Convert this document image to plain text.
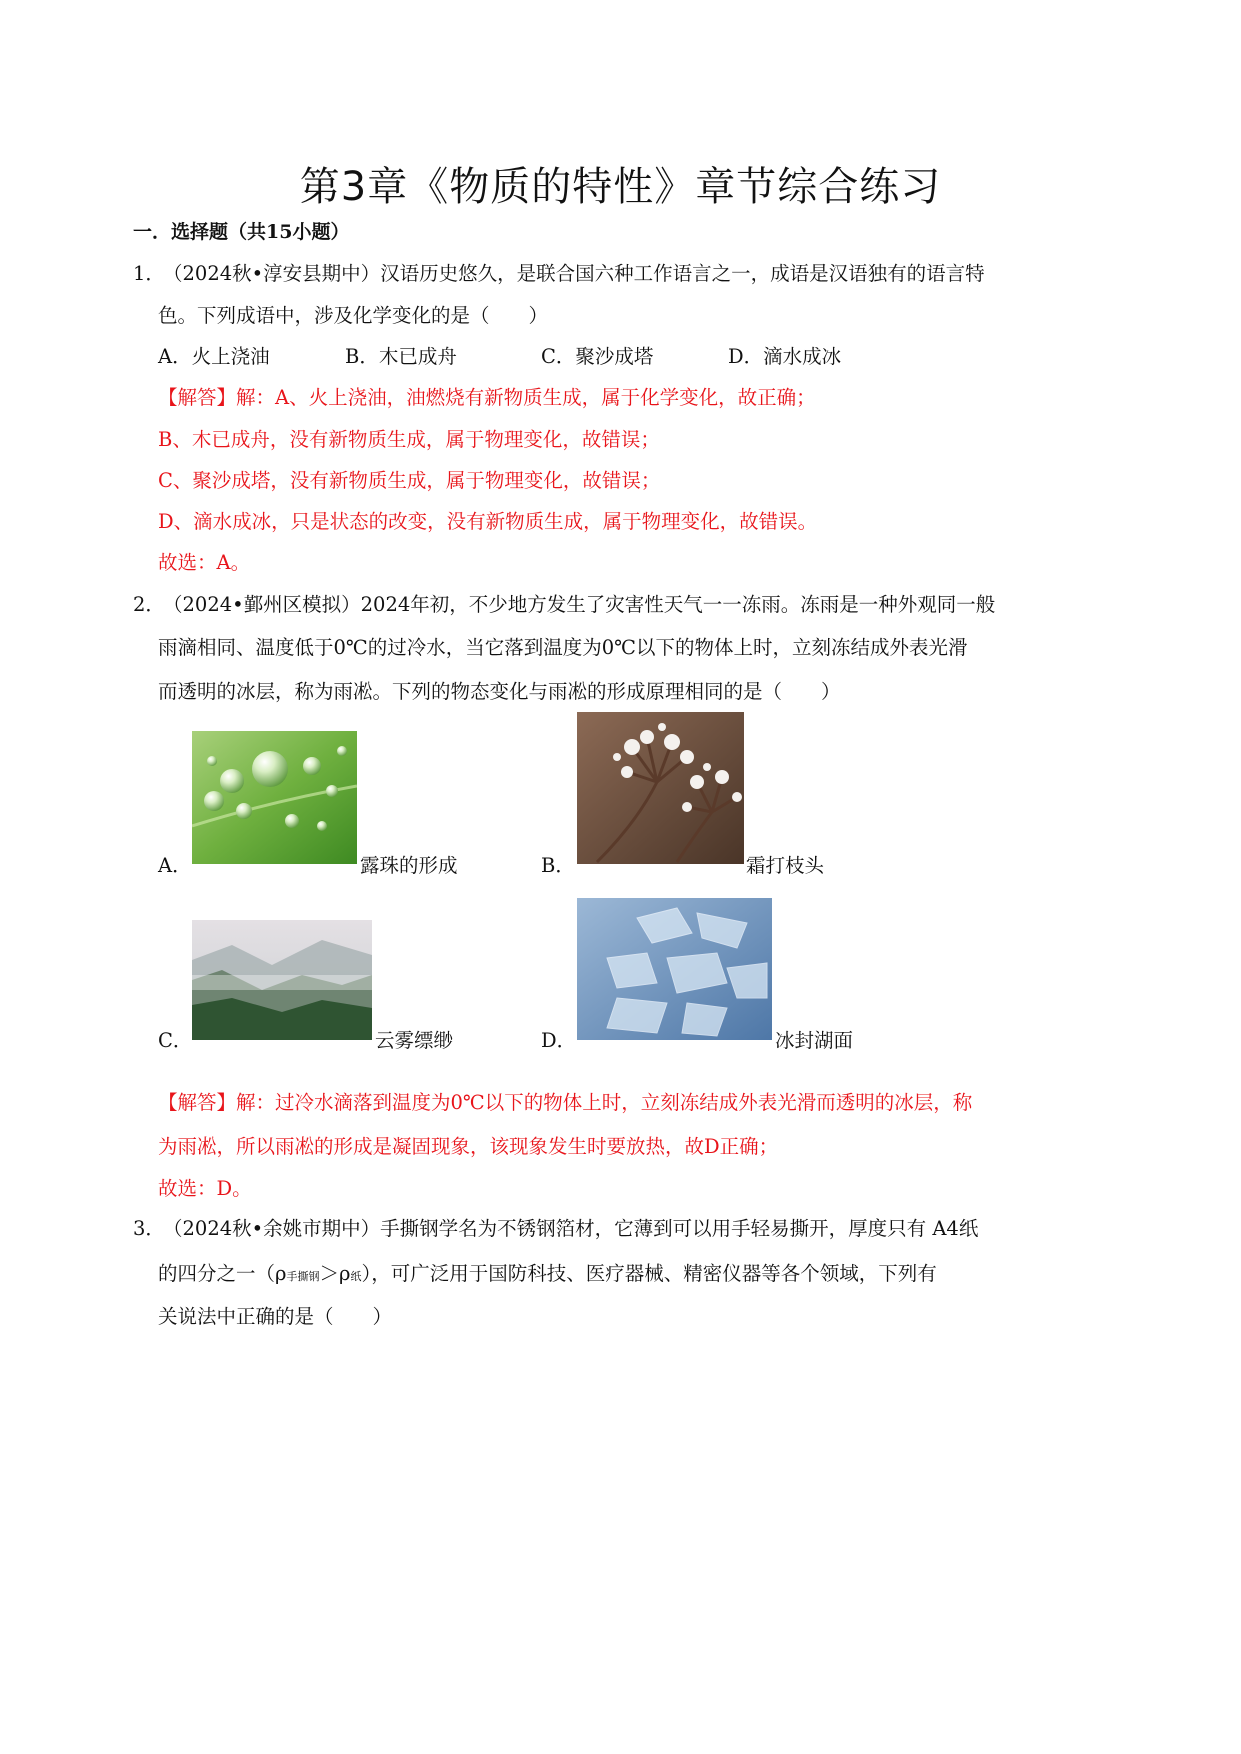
第3章《物质的特性》章节综合练习
一．选择题（共15小题）
1．
（2024秋•淳安县期中）汉语历史悠久，是联合国六种工作语言之一，成语是汉语独有的语言特
色。下列成语中，涉及化学变化的是（　　）
A．火上浇油	B．木已成舟	C．聚沙成塔	D．滴水成冰
【解答】解：A、火上浇油，油燃烧有新物质生成，属于化学变化，故正确；
B、木已成舟，没有新物质生成，属于物理变化，故错误；
C、聚沙成塔，没有新物质生成，属于物理变化，故错误；
D、滴水成冰，只是状态的改变，没有新物质生成，属于物理变化，故错误。
故选：A。
2．
（2024•鄞州区模拟）2024年初，不少地方发生了灾害性天气一一冻雨。冻雨是一种外观同一般
雨滴相同、温度低于0℃的过冷水，当它落到温度为0℃以下的物体上时，立刻冻结成外表光滑
而透明的冰层，称为雨凇。下列的物态变化与雨凇的形成原理相同的是（　　）
A．	露珠的形成	B．	霜打枝头
C．	云雾缥缈	D．	冰封湖面
【解答】解：过冷水滴落到温度为0℃以下的物体上时，立刻冻结成外表光滑而透明的冰层，称
为雨凇，所以雨凇的形成是凝固现象，该现象发生时要放热，故D正确；
故选：D。
3．
（2024秋•余姚市期中）手撕钢学名为不锈钢箔材，它薄到可以用手轻易撕开，厚度只有 A4纸
的四分之一（ρ手撕钢＞ρ纸），可广泛用于国防科技、医疗器械、精密仪器等各个领域，下列有
关说法中正确的是（　　）
